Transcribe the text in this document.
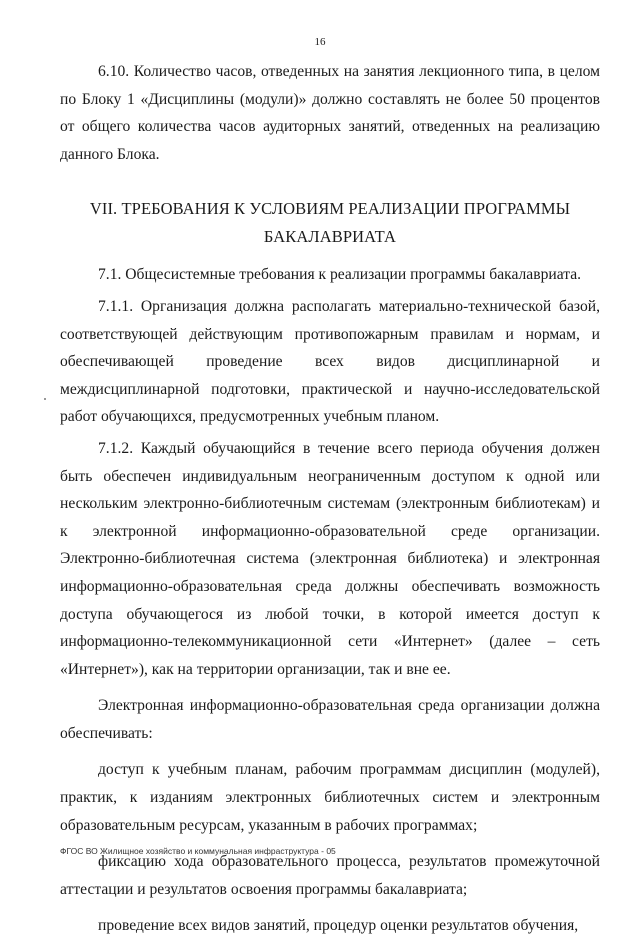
16

6.10. Количество часов, отведенных на занятия лекционного типа, в целом по Блоку 1 «Дисциплины (модули)» должно составлять не более 50 процентов от общего количества часов аудиторных занятий, отведенных на реализацию данного Блока.

VII. ТРЕБОВАНИЯ К УСЛОВИЯМ РЕАЛИЗАЦИИ ПРОГРАММЫ
БАКАЛАВРИАТА

7.1. Общесистемные требования к реализации программы бакалавриата.

7.1.1. Организация должна располагать материально-технической базой, соответствующей действующим противопожарным правилам и нормам, и обеспечивающей проведение всех видов дисциплинарной и междисциплинарной подготовки, практической и научно-исследовательской работ обучающихся, предусмотренных учебным планом.

7.1.2. Каждый обучающийся в течение всего периода обучения должен быть обеспечен индивидуальным неограниченным доступом к одной или нескольким электронно-библиотечным системам (электронным библиотекам) и к электронной информационно-образовательной среде организации. Электронно-библиотечная система (электронная библиотека) и электронная информационно-образовательная среда должны обеспечивать возможность доступа обучающегося из любой точки, в которой имеется доступ к информационно-телекоммуникационной сети «Интернет» (далее – сеть «Интернет»), как на территории организации, так и вне ее.

Электронная информационно-образовательная среда организации должна обеспечивать:

доступ к учебным планам, рабочим программам дисциплин (модулей), практик, к изданиям электронных библиотечных систем и электронным образовательным ресурсам, указанным в рабочих программах;

фиксацию хода образовательного процесса, результатов промежуточной аттестации и результатов освоения программы бакалавриата;

проведение всех видов занятий, процедур оценки результатов обучения,

ФГОС ВО Жилищное хозяйство и коммунальная инфраструктура - 05
